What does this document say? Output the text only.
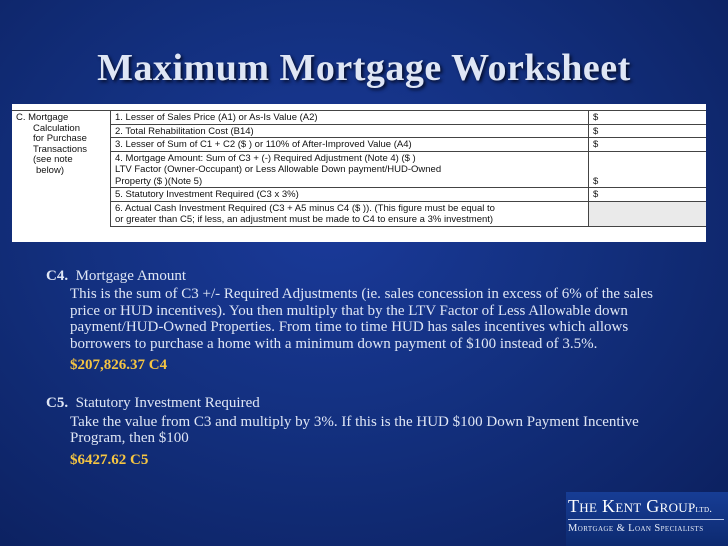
Maximum Mortgage Worksheet
C. Mortgage
Calculation
for Purchase
Transactions
(see note
below)
1. Lesser of Sales Price (A1) or As-Is Value (A2)	$
2. Total Rehabilitation Cost (B14)	$
3. Lesser of Sum of C1 + C2 ($ ) or 110% of After-Improved Value (A4)	$
4. Mortgage Amount: Sum of C3 + (-) Required Adjustment (Note 4) ($ )
LTV Factor (Owner-Occupant) or Less Allowable Down payment/HUD-Owned
Property ($ )(Note 5)	$
5. Statutory Investment Required (C3 x 3%)	$
6. Actual Cash Investment Required (C3 + A5 minus C4 ($ )). (This figure must be equal to
or greater than C5; if less, an adjustment must be made to C4 to ensure a 3% investment)
C4. Mortgage Amount
This is the sum of C3 +/- Required Adjustments (ie. sales concession in excess of 6% of the sales price or HUD incentives). You then multiply that by the LTV Factor of Less Allowable down payment/HUD-Owned Properties. From time to time HUD has sales incentives which allows borrowers to purchase a home with a minimum down payment of $100 instead of 3.5%.
$207,826.37 C4
C5. Statutory Investment Required
Take the value from C3 and multiply by 3%. If this is the HUD $100 Down Payment Incentive Program, then $100
$6427.62 C5
The Kent Groupltd.
Mortgage & Loan Specialists
